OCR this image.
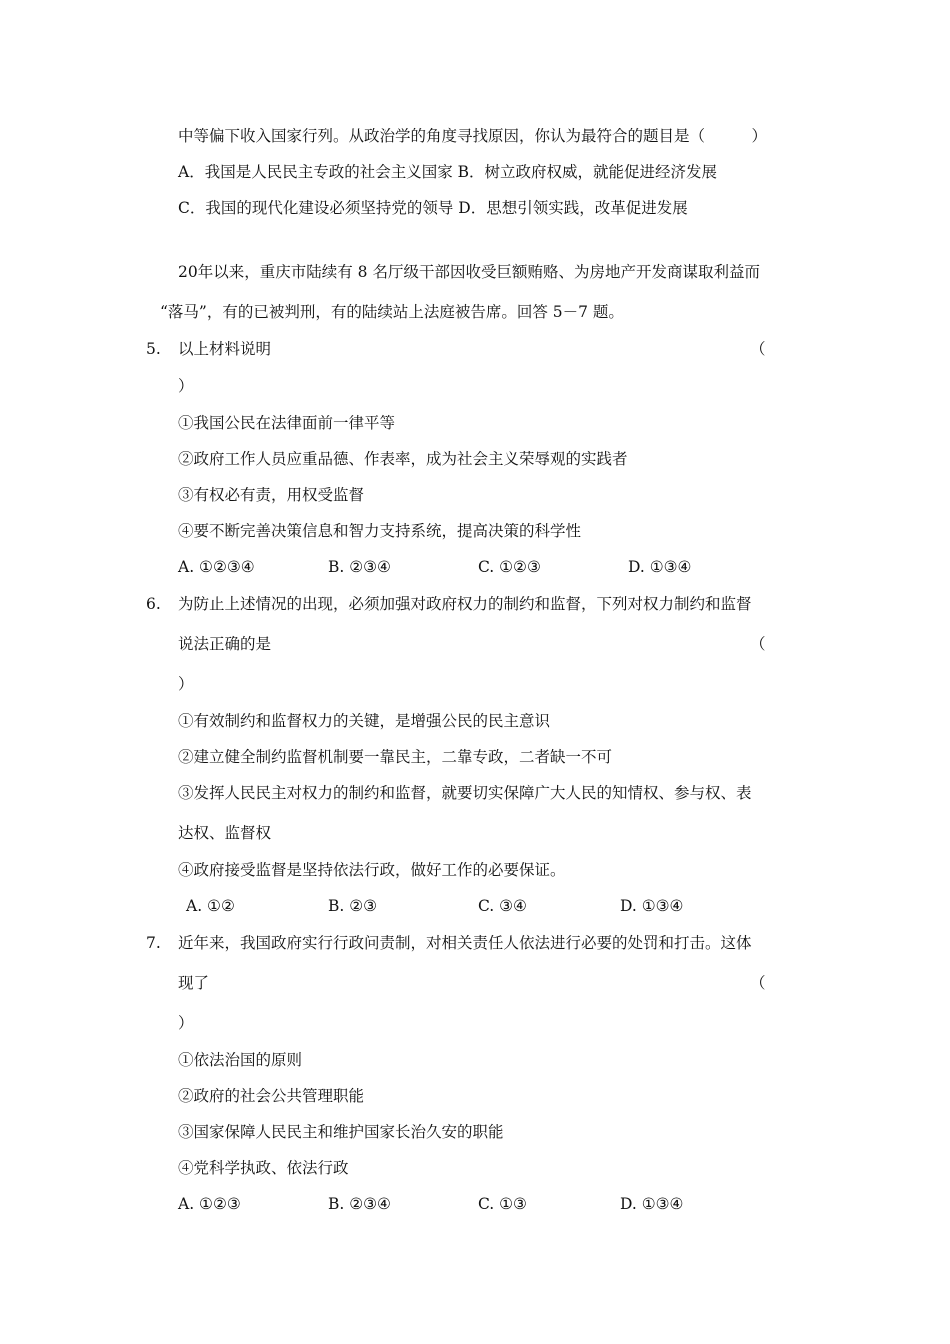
中等偏下收入国家行列。从政治学的角度寻找原因，你认为最符合的题目是（　　　）
A．我国是人民民主专政的社会主义国家 B．树立政府权威，就能促进经济发展
C．我国的现代化建设必须坚持党的领导 D．思想引领实践，改革促进发展
20年以来，重庆市陆续有 8 名厅级干部因收受巨额贿赂、为房地产开发商谋取利益而
“落马”，有的已被判刑，有的陆续站上法庭被告席。回答 5－7 题。
5. 以上材料说明	（
）
①我国公民在法律面前一律平等
②政府工作人员应重品德、作表率，成为社会主义荣辱观的实践者
③有权必有责，用权受监督
④要不断完善决策信息和智力支持系统，提高决策的科学性
A. ①②③④	B. ②③④	C. ①②③	D. ①③④
6. 为防止上述情况的出现，必须加强对政府权力的制约和监督，下列对权力制约和监督
说法正确的是	（
）
①有效制约和监督权力的关键，是增强公民的民主意识
②建立健全制约监督机制要一靠民主，二靠专政，二者缺一不可
③发挥人民民主对权力的制约和监督，就要切实保障广大人民的知情权、参与权、表
达权、监督权
④政府接受监督是坚持依法行政，做好工作的必要保证。
A. ①②	B. ②③	C. ③④	D. ①③④
7. 近年来，我国政府实行行政问责制，对相关责任人依法进行必要的处罚和打击。这体
现了	（
）
①依法治国的原则
②政府的社会公共管理职能
③国家保障人民民主和维护国家长治久安的职能
④党科学执政、依法行政
A. ①②③	B. ②③④	C. ①③	D. ①③④
